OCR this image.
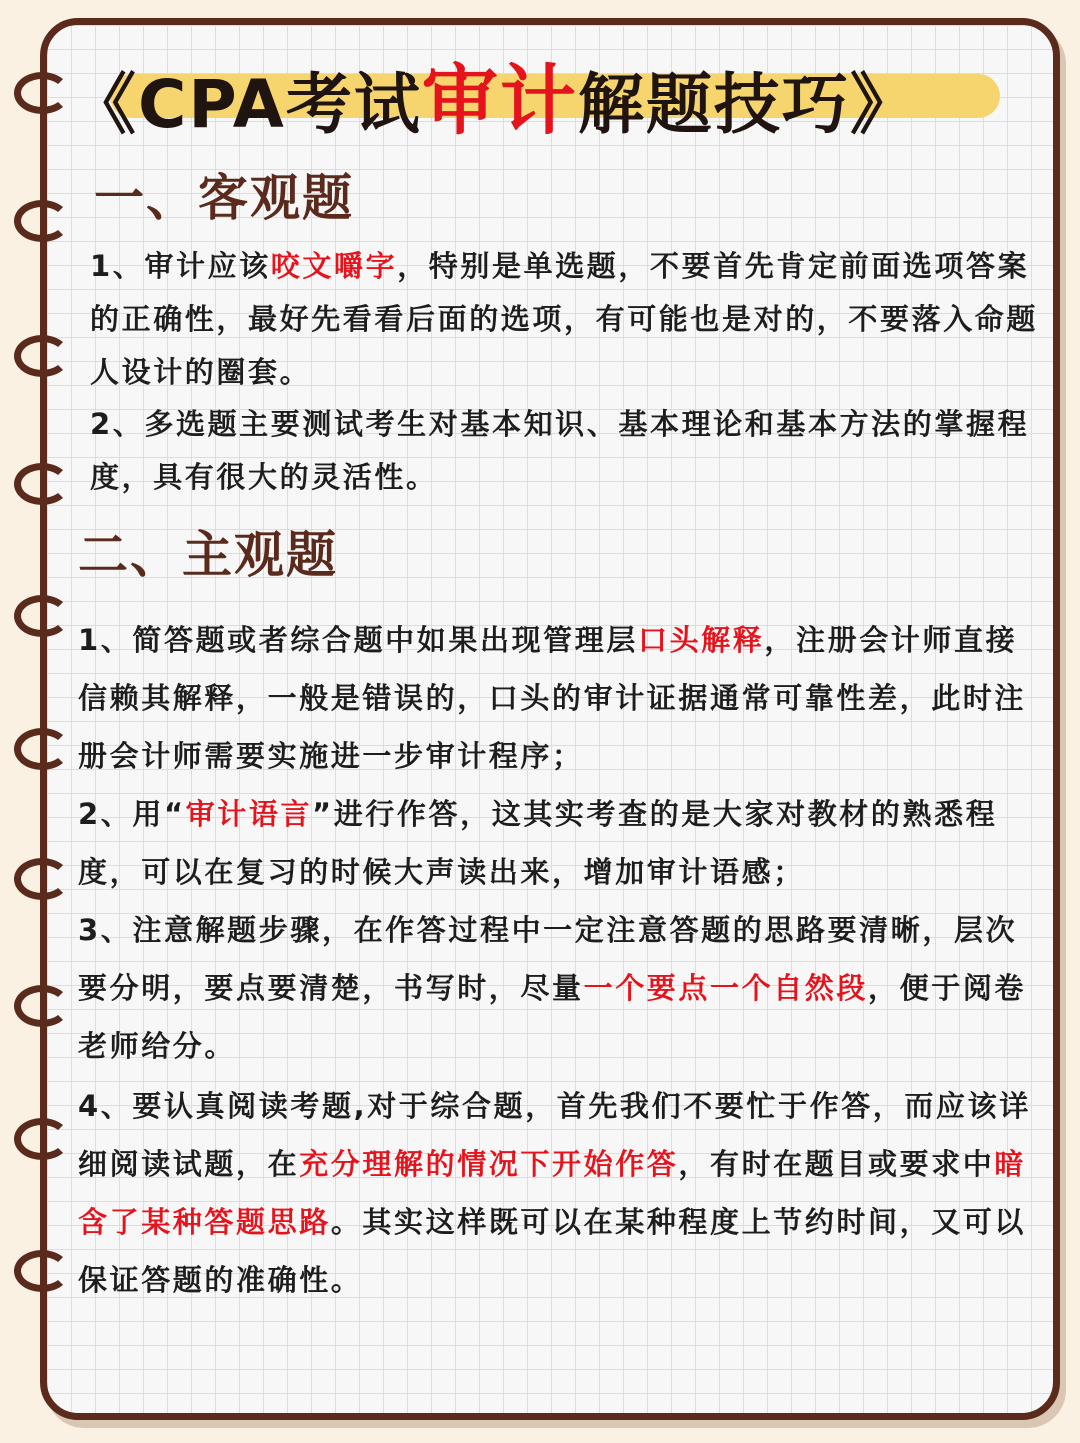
《CPA考试审计解题技巧》
一、客观题
1、审计应该咬文嚼字，特别是单选题，不要首先肯定前面选项答案的正确性，最好先看看后面的选项，有可能也是对的，不要落入命题人设计的圈套。
2、多选题主要测试考生对基本知识、基本理论和基本方法的掌握程度，具有很大的灵活性。
二、主观题
1、简答题或者综合题中如果出现管理层口头解释，注册会计师直接信赖其解释，一般是错误的，口头的审计证据通常可靠性差，此时注册会计师需要实施进一步审计程序；
2、用“审计语言”进行作答，这其实考查的是大家对教材的熟悉程度，可以在复习的时候大声读出来，增加审计语感；
3、注意解题步骤，在作答过程中一定注意答题的思路要清晰，层次要分明，要点要清楚，书写时，尽量一个要点一个自然段，便于阅卷老师给分。
4、要认真阅读考题,对于综合题，首先我们不要忙于作答，而应该详细阅读试题，在充分理解的情况下开始作答，有时在题目或要求中暗含了某种答题思路。其实这样既可以在某种程度上节约时间，又可以保证答题的准确性。
